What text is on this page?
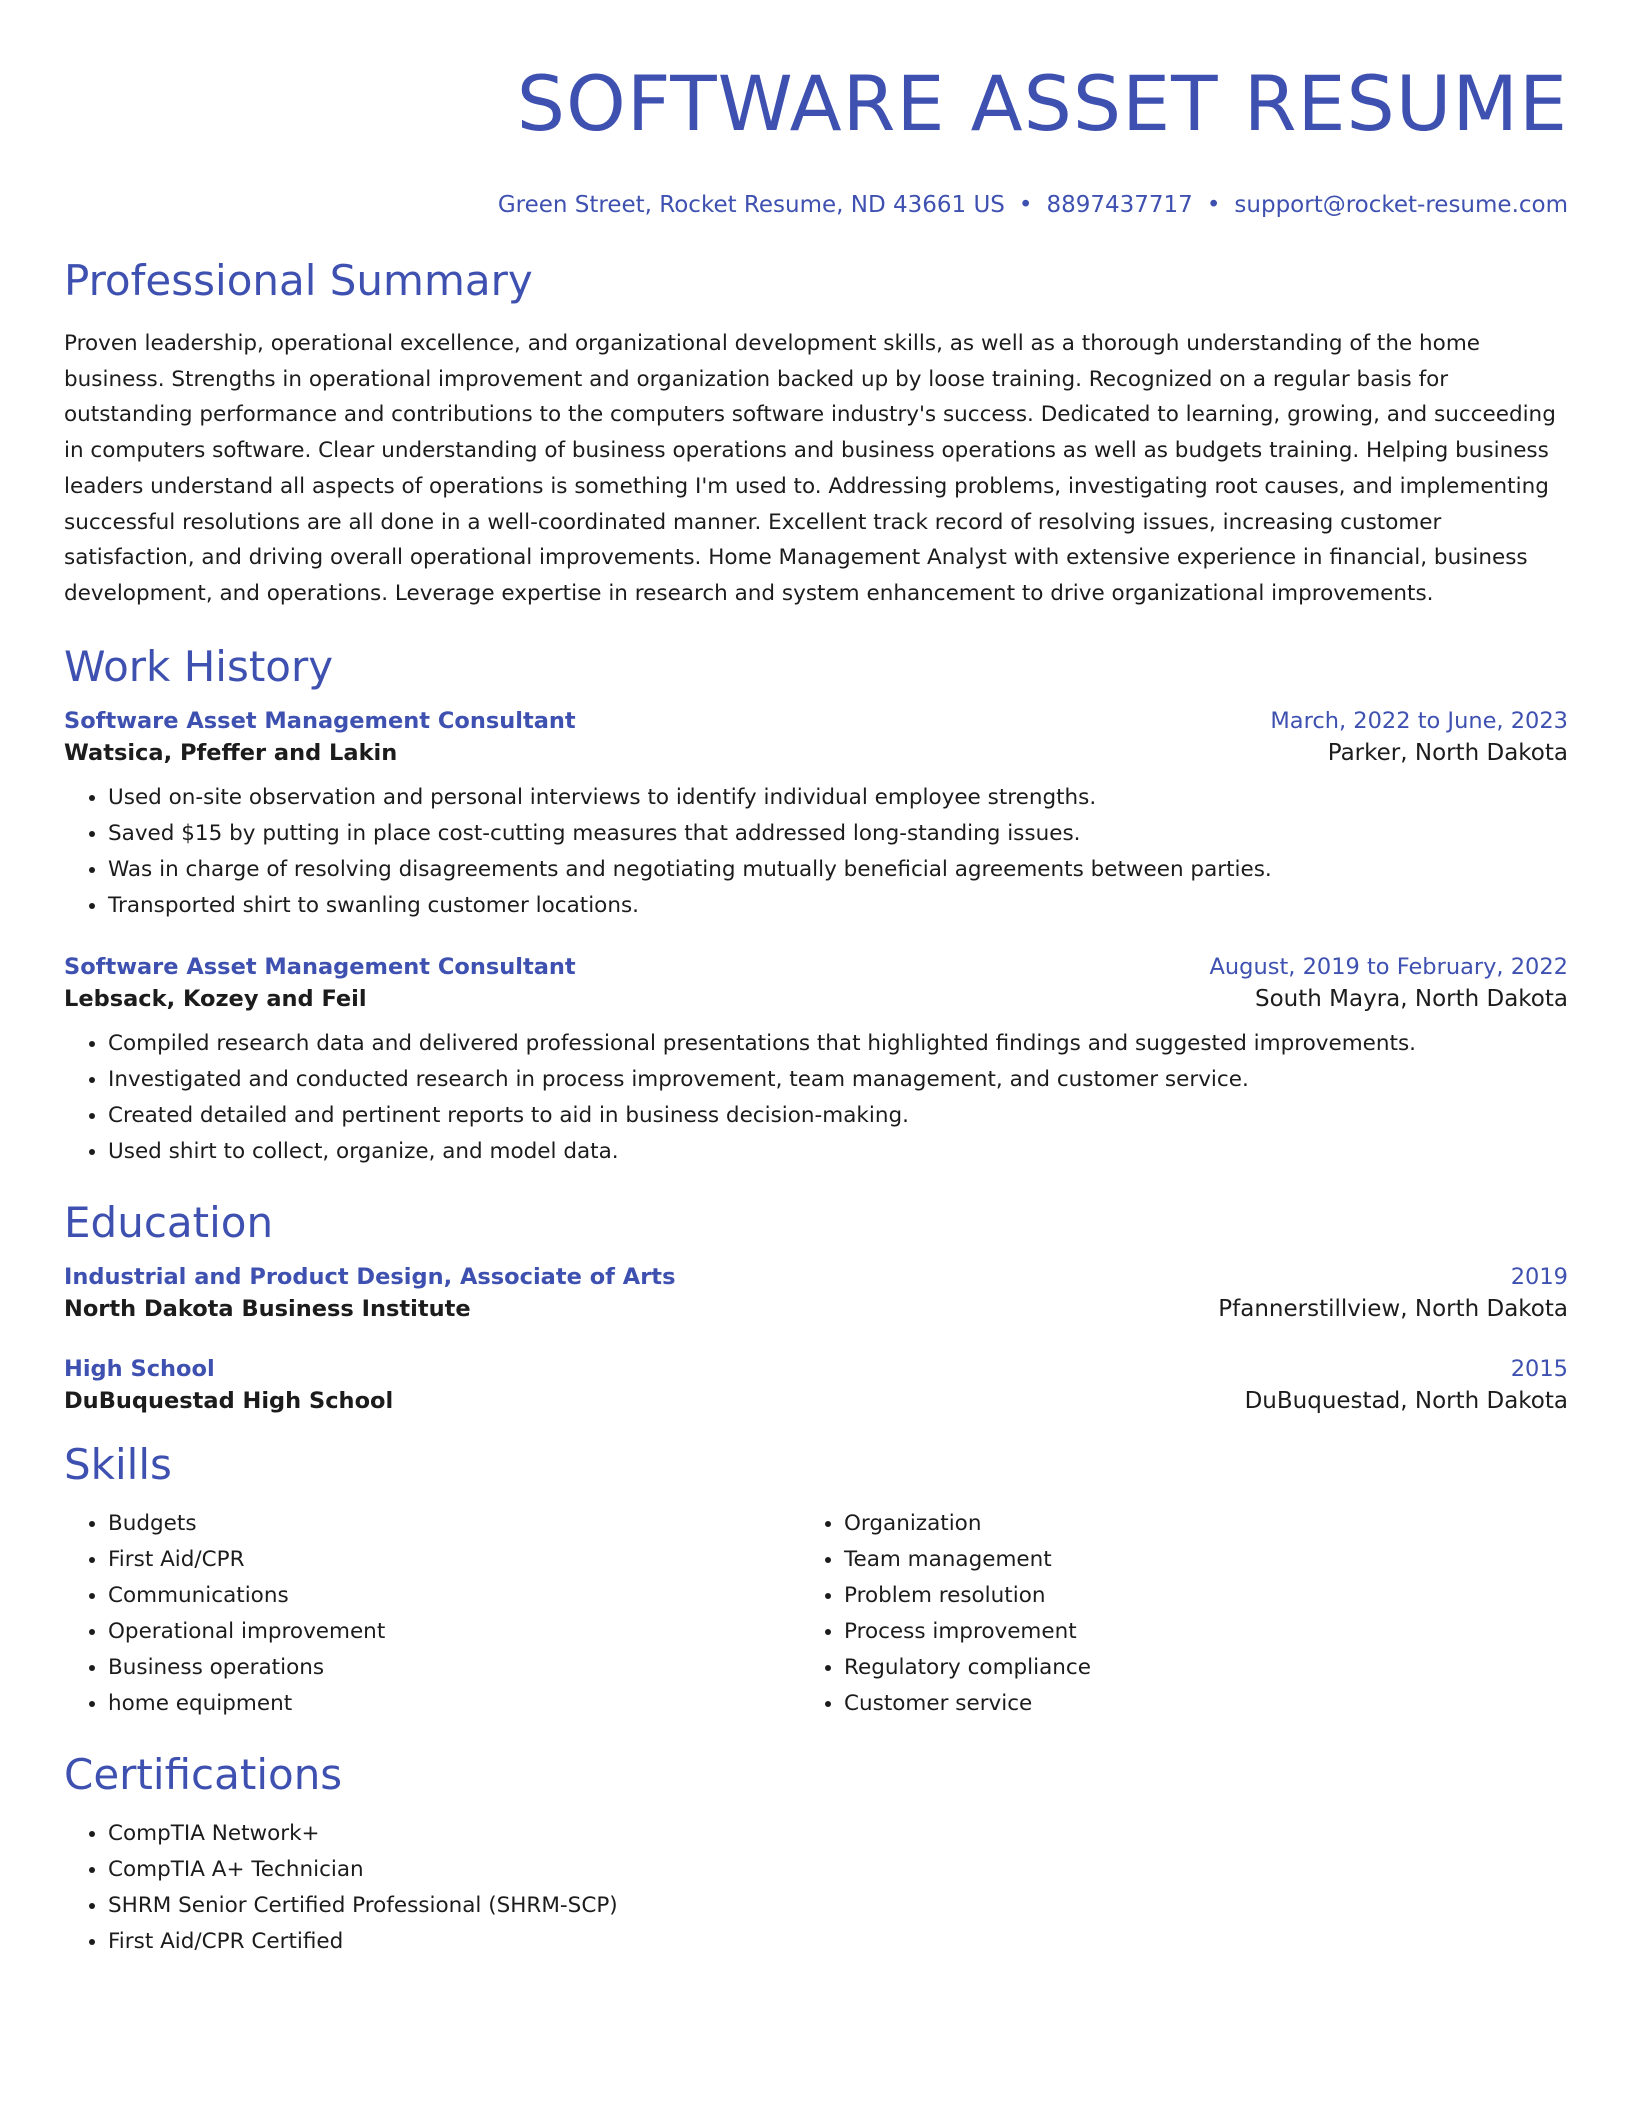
SOFTWARE ASSET RESUME
Green Street, Rocket Resume, ND 43661 US • 8897437717 • support@rocket-resume.com
Professional Summary
Proven leadership, operational excellence, and organizational development skills, as well as a thorough understanding of the home business. Strengths in operational improvement and organization backed up by loose training. Recognized on a regular basis for outstanding performance and contributions to the computers software industry's success. Dedicated to learning, growing, and succeeding in computers software. Clear understanding of business operations and business operations as well as budgets training. Helping business leaders understand all aspects of operations is something I'm used to. Addressing problems, investigating root causes, and implementing successful resolutions are all done in a well-coordinated manner. Excellent track record of resolving issues, increasing customer satisfaction, and driving overall operational improvements. Home Management Analyst with extensive experience in financial, business development, and operations. Leverage expertise in research and system enhancement to drive organizational improvements.
Work History
Software Asset Management Consultant	March, 2022 to June, 2023
Watsica, Pfeffer and Lakin	Parker, North Dakota
• Used on-site observation and personal interviews to identify individual employee strengths.
• Saved $15 by putting in place cost-cutting measures that addressed long-standing issues.
• Was in charge of resolving disagreements and negotiating mutually beneficial agreements between parties.
• Transported shirt to swanling customer locations.
Software Asset Management Consultant	August, 2019 to February, 2022
Lebsack, Kozey and Feil	South Mayra, North Dakota
• Compiled research data and delivered professional presentations that highlighted findings and suggested improvements.
• Investigated and conducted research in process improvement, team management, and customer service.
• Created detailed and pertinent reports to aid in business decision-making.
• Used shirt to collect, organize, and model data.
Education
Industrial and Product Design, Associate of Arts	2019
North Dakota Business Institute	Pfannerstillview, North Dakota
High School	2015
DuBuquestad High School	DuBuquestad, North Dakota
Skills
• Budgets
• First Aid/CPR
• Communications
• Operational improvement
• Business operations
• home equipment
• Organization
• Team management
• Problem resolution
• Process improvement
• Regulatory compliance
• Customer service
Certifications
• CompTIA Network+
• CompTIA A+ Technician
• SHRM Senior Certified Professional (SHRM-SCP)
• First Aid/CPR Certified
